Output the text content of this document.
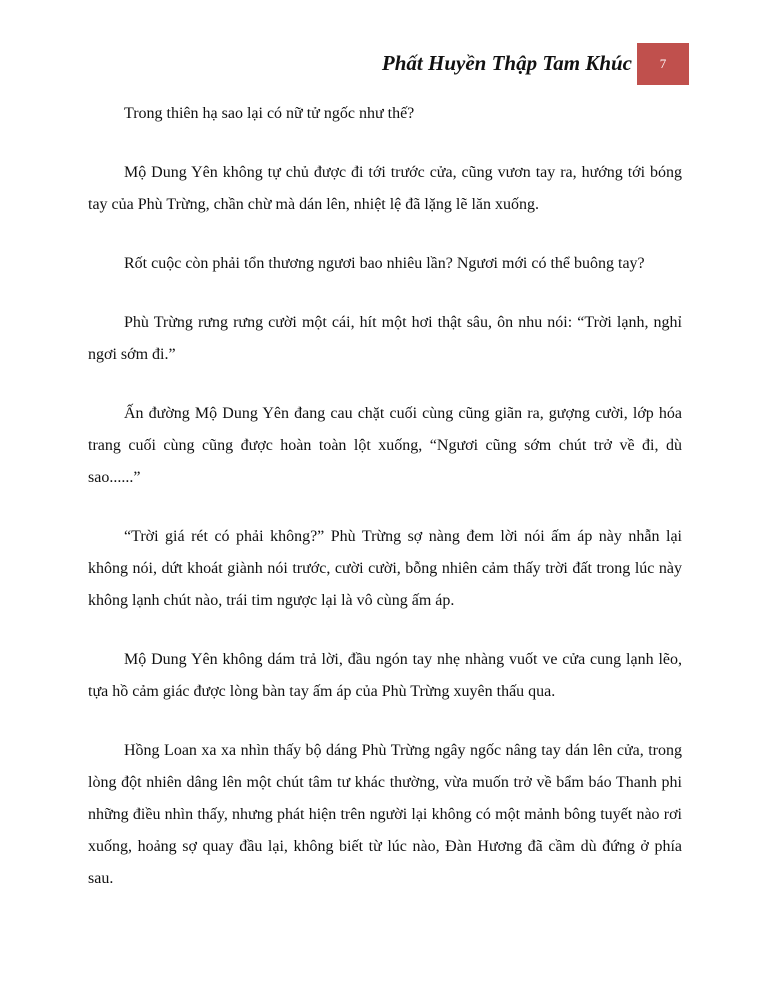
Phất Huyền Thập Tam Khúc 7

Trong thiên hạ sao lại có nữ tử ngốc như thế?

Mộ Dung Yên không tự chủ được đi tới trước cửa, cũng vươn tay ra, hướng tới bóng tay của Phù Trừng, chần chừ mà dán lên, nhiệt lệ đã lặng lẽ lăn xuống.

Rốt cuộc còn phải tổn thương ngươi bao nhiêu lần? Ngươi mới có thể buông tay?

Phù Trừng rưng rưng cười một cái, hít một hơi thật sâu, ôn nhu nói: “Trời lạnh, nghỉ ngơi sớm đi.”

Ấn đường Mộ Dung Yên đang cau chặt cuối cùng cũng giãn ra, gượng cười, lớp hóa trang cuối cùng cũng được hoàn toàn lột xuống, “Ngươi cũng sớm chút trở về đi, dù sao......”

“Trời giá rét có phải không?” Phù Trừng sợ nàng đem lời nói ấm áp này nhẫn lại không nói, dứt khoát giành nói trước, cười cười, bỗng nhiên cảm thấy trời đất trong lúc này không lạnh chút nào, trái tim ngược lại là vô cùng ấm áp.

Mộ Dung Yên không dám trả lời, đầu ngón tay nhẹ nhàng vuốt ve cửa cung lạnh lẽo, tựa hồ cảm giác được lòng bàn tay ấm áp của Phù Trừng xuyên thấu qua.

Hồng Loan xa xa nhìn thấy bộ dáng Phù Trừng ngây ngốc nâng tay dán lên cửa, trong lòng đột nhiên dâng lên một chút tâm tư khác thường, vừa muốn trở về bẩm báo Thanh phi những điều nhìn thấy, nhưng phát hiện trên người lại không có một mảnh bông tuyết nào rơi xuống, hoảng sợ quay đầu lại, không biết từ lúc nào, Đàn Hương đã cầm dù đứng ở phía sau.
